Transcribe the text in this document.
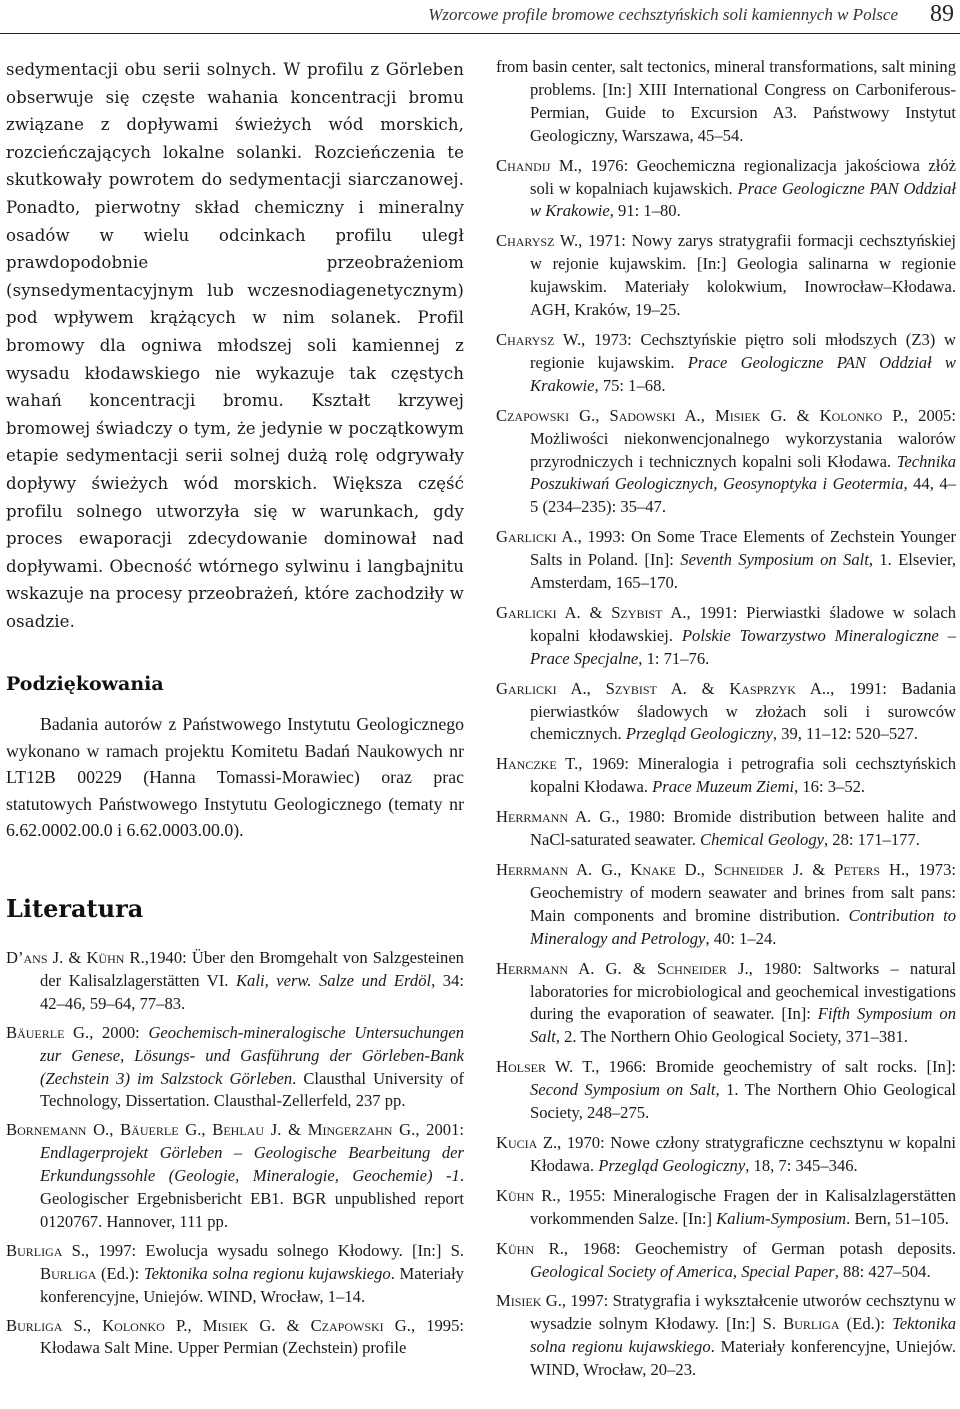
Wzorcowe profile bromowe cechsztyńskich soli kamiennych w Polsce 89

sedymentacji obu serii solnych. W profilu z Görleben obserwuje się częste wahania koncentracji bromu związane z dopływami świeżych wód morskich, rozcieńczających lokalne solanki. Rozcieńczenia te skutkowały powrotem do sedymentacji siarczanowej. Ponadto, pierwotny skład chemiczny i mineralny osadów w wielu odcinkach profilu uległ prawdopodobnie przeobrażeniom (synsedymentacyjnym lub wczesnodiagenetycznym) pod wpływem krążących w nim solanek. Profil bromowy dla ogniwa młodszej soli kamiennej z wysadu kłodawskiego nie wykazuje tak częstych wahań koncentracji bromu. Kształt krzywej bromowej świadczy o tym, że jedynie w początkowym etapie sedymentacji serii solnej dużą rolę odgrywały dopływy świeżych wód morskich. Większa część profilu solnego utworzyła się w warunkach, gdy proces ewaporacji zdecydowanie dominował nad dopływami. Obecność wtórnego sylwinu i langbajnitu wskazuje na procesy przeobrażeń, które zachodziły w osadzie.

Podziękowania

Badania autorów z Państwowego Instytutu Geologicznego wykonano w ramach projektu Komitetu Badań Naukowych nr LT12B 00229 (Hanna Tomassi-Morawiec) oraz prac statutowych Państwowego Instytutu Geologicznego (tematy nr 6.62.0002.00.0 i 6.62.0003.00.0).

Literatura
D’ans J. & Kühn R.,1940: Über den Bromgehalt von Salzgesteinen der Kalisalzlagerstätten VI. Kali, verw. Salze und Erdöl, 34: 42–46, 59–64, 77–83.
Bäuerle G., 2000: Geochemisch-mineralogische Untersuchungen zur Genese, Lösungs- und Gasführung der Görleben-Bank (Zechstein 3) im Salzstock Görleben. Clausthal University of Technology, Dissertation. Clausthal-Zellerfeld, 237 pp.
Bornemann O., Bäuerle G., Behlau J. & Mingerzahn G., 2001: Endlagerprojekt Görleben – Geologische Bearbeitung der Erkundungssohle (Geologie, Mineralogie, Geochemie) -1. Geologischer Ergebnisbericht EB1. BGR unpublished report 0120767. Hannover, 111 pp.
Burliga S., 1997: Ewolucja wysadu solnego Kłodowy. [In:] S. Burliga (Ed.): Tektonika solna regionu kujawskiego. Materiały konferencyjne, Uniejów. WIND, Wrocław, 1–14.
Burliga S., Kolonko P., Misiek G. & Czapowski G., 1995: Kłodawa Salt Mine. Upper Permian (Zechstein) profile
from basin center, salt tectonics, mineral transformations, salt mining problems. [In:] XIII International Congress on Carboniferous-Permian, Guide to Excursion A3. Państwowy Instytut Geologiczny, Warszawa, 45–54.
Chandij M., 1976: Geochemiczna regionalizacja jakościowa złóż soli w kopalniach kujawskich. Prace Geologiczne PAN Oddział w Krakowie, 91: 1–80.
Charysz W., 1971: Nowy zarys stratygrafii formacji cechsztyńskiej w rejonie kujawskim. [In:] Geologia salinarna w regionie kujawskim. Materiały kolokwium, Inowrocław–Kłodawa. AGH, Kraków, 19–25.
Charysz W., 1973: Cechsztyńskie piętro soli młodszych (Z3) w regionie kujawskim. Prace Geologiczne PAN Oddział w Krakowie, 75: 1–68.
Czapowski G., Sadowski A., Misiek G. & Kolonko P., 2005: Możliwości niekonwencjonalnego wykorzystania walorów przyrodniczych i technicznych kopalni soli Kłodawa. Technika Poszukiwań Geologicznych, Geosynoptyka i Geotermia, 44, 4–5 (234–235): 35–47.
Garlicki A., 1993: On Some Trace Elements of Zechstein Younger Salts in Poland. [In]: Seventh Symposium on Salt, 1. Elsevier, Amsterdam, 165–170.
Garlicki A. & Szybist A., 1991: Pierwiastki śladowe w solach kopalni kłodawskiej. Polskie Towarzystwo Mineralogiczne – Prace Specjalne, 1: 71–76.
Garlicki A., Szybist A. & Kasprzyk A.., 1991: Badania pierwiastków śladowych w złożach soli i surowców chemicznych. Przegląd Geologiczny, 39, 11–12: 520–527.
Hanczke T., 1969: Mineralogia i petrografia soli cechsztyńskich kopalni Kłodawa. Prace Muzeum Ziemi, 16: 3–52.
Herrmann A. G., 1980: Bromide distribution between halite and NaCl-saturated seawater. Chemical Geology, 28: 171–177.
Herrmann A. G., Knake D., Schneider J. & Peters H., 1973: Geochemistry of modern seawater and brines from salt pans: Main components and bromine distribution. Contribution to Mineralogy and Petrology, 40: 1–24.
Herrmann A. G. & Schneider J., 1980: Saltworks – natural laboratories for microbiological and geochemical investigations during the evaporation of seawater. [In]: Fifth Symposium on Salt, 2. The Northern Ohio Geological Society, 371–381.
Holser W. T., 1966: Bromide geochemistry of salt rocks. [In]: Second Symposium on Salt, 1. The Northern Ohio Geological Society, 248–275.
Kucia Z., 1970: Nowe człony stratygraficzne cechsztynu w kopalni Kłodawa. Przegląd Geologiczny, 18, 7: 345–346.
Kühn R., 1955: Mineralogische Fragen der in Kalisalzlagerstätten vorkommenden Salze. [In:] Kalium-Symposium. Bern, 51–105.
Kühn R., 1968: Geochemistry of German potash deposits. Geological Society of America, Special Paper, 88: 427–504.
Misiek G., 1997: Stratygrafia i wykształcenie utworów cechsztynu w wysadzie solnym Kłodawy. [In:] S. Burliga (Ed.): Tektonika solna regionu kujawskiego. Materiały konferencyjne, Uniejów. WIND, Wrocław, 20–23.
